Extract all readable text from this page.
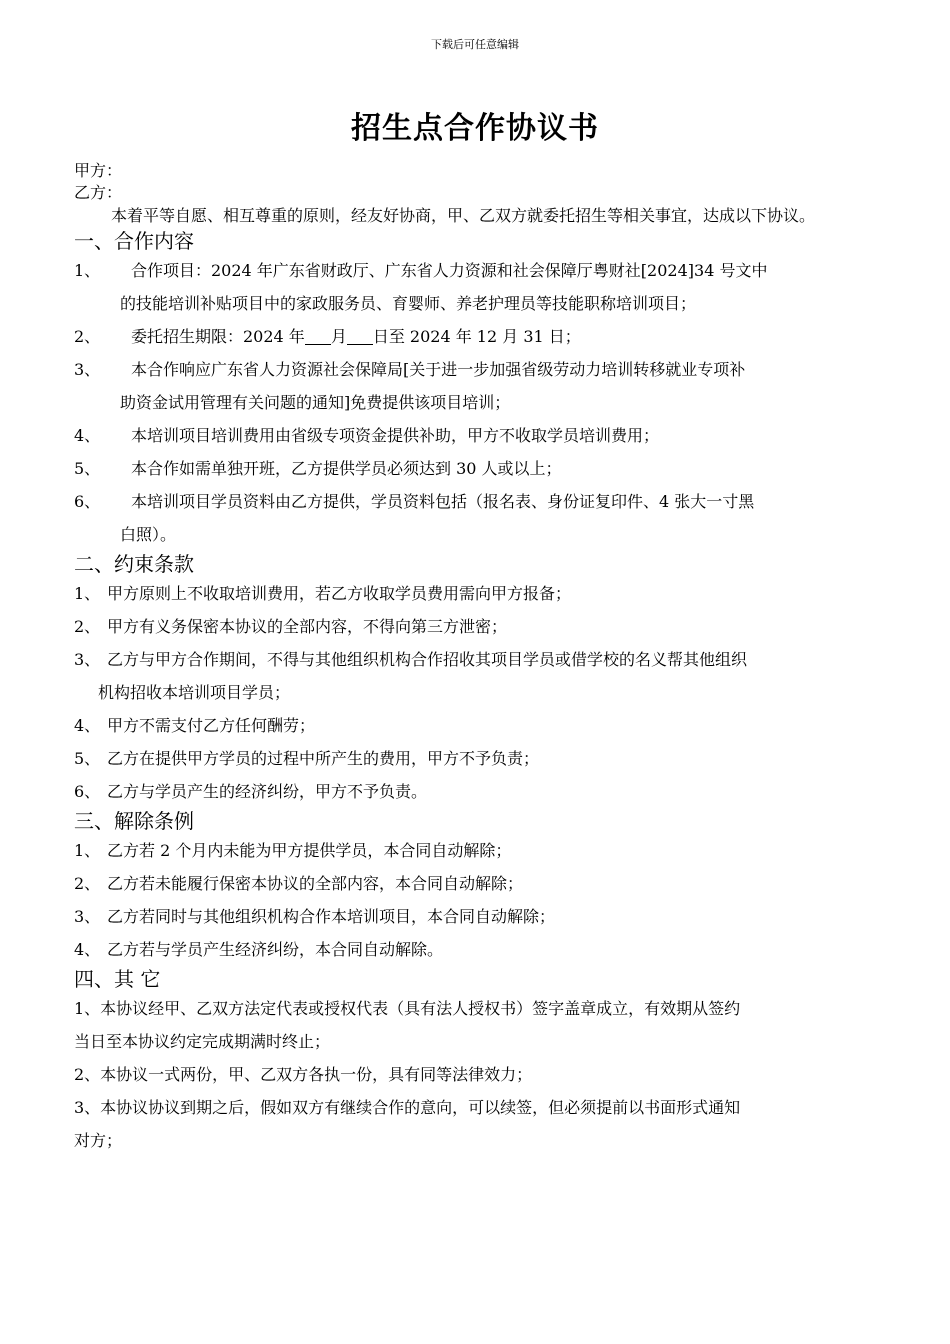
下载后可任意编辑
招生点合作协议书
甲方：
乙方：
本着平等自愿、相互尊重的原则，经友好协商，甲、乙双方就委托招生等相关事宜，达成以下协议。
一、合作内容
1、 合作项目：2024 年广东省财政厅、广东省人力资源和社会保障厅粤财社[2024]34 号文中
的技能培训补贴项目中的家政服务员、育婴师、养老护理员等技能职称培训项目；
2、 委托招生期限：2024 年 月 日至 2024 年 12 月 31 日；
3、 本合作响应广东省人力资源社会保障局[关于进一步加强省级劳动力培训转移就业专项补
助资金试用管理有关问题的通知]免费提供该项目培训；
4、 本培训项目培训费用由省级专项资金提供补助，甲方不收取学员培训费用；
5、 本合作如需单独开班，乙方提供学员必须达到 30 人或以上；
6、 本培训项目学员资料由乙方提供，学员资料包括（报名表、身份证复印件、4 张大一寸黑
白照）。
二、约束条款
1、 甲方原则上不收取培训费用，若乙方收取学员费用需向甲方报备；
2、 甲方有义务保密本协议的全部内容，不得向第三方泄密；
3、 乙方与甲方合作期间，不得与其他组织机构合作招收其项目学员或借学校的名义帮其他组织
机构招收本培训项目学员；
4、 甲方不需支付乙方任何酬劳；
5、 乙方在提供甲方学员的过程中所产生的费用，甲方不予负责；
6、 乙方与学员产生的经济纠纷，甲方不予负责。
三、解除条例
1、 乙方若 2 个月内未能为甲方提供学员，本合同自动解除；
2、 乙方若未能履行保密本协议的全部内容，本合同自动解除；
3、 乙方若同时与其他组织机构合作本培训项目，本合同自动解除；
4、 乙方若与学员产生经济纠纷，本合同自动解除。
四、其 它
1、本协议经甲、乙双方法定代表或授权代表（具有法人授权书）签字盖章成立，有效期从签约
当日至本协议约定完成期满时终止；
2、本协议一式两份，甲、乙双方各执一份，具有同等法律效力；
3、本协议协议到期之后，假如双方有继续合作的意向，可以续签，但必须提前以书面形式通知
对方；
